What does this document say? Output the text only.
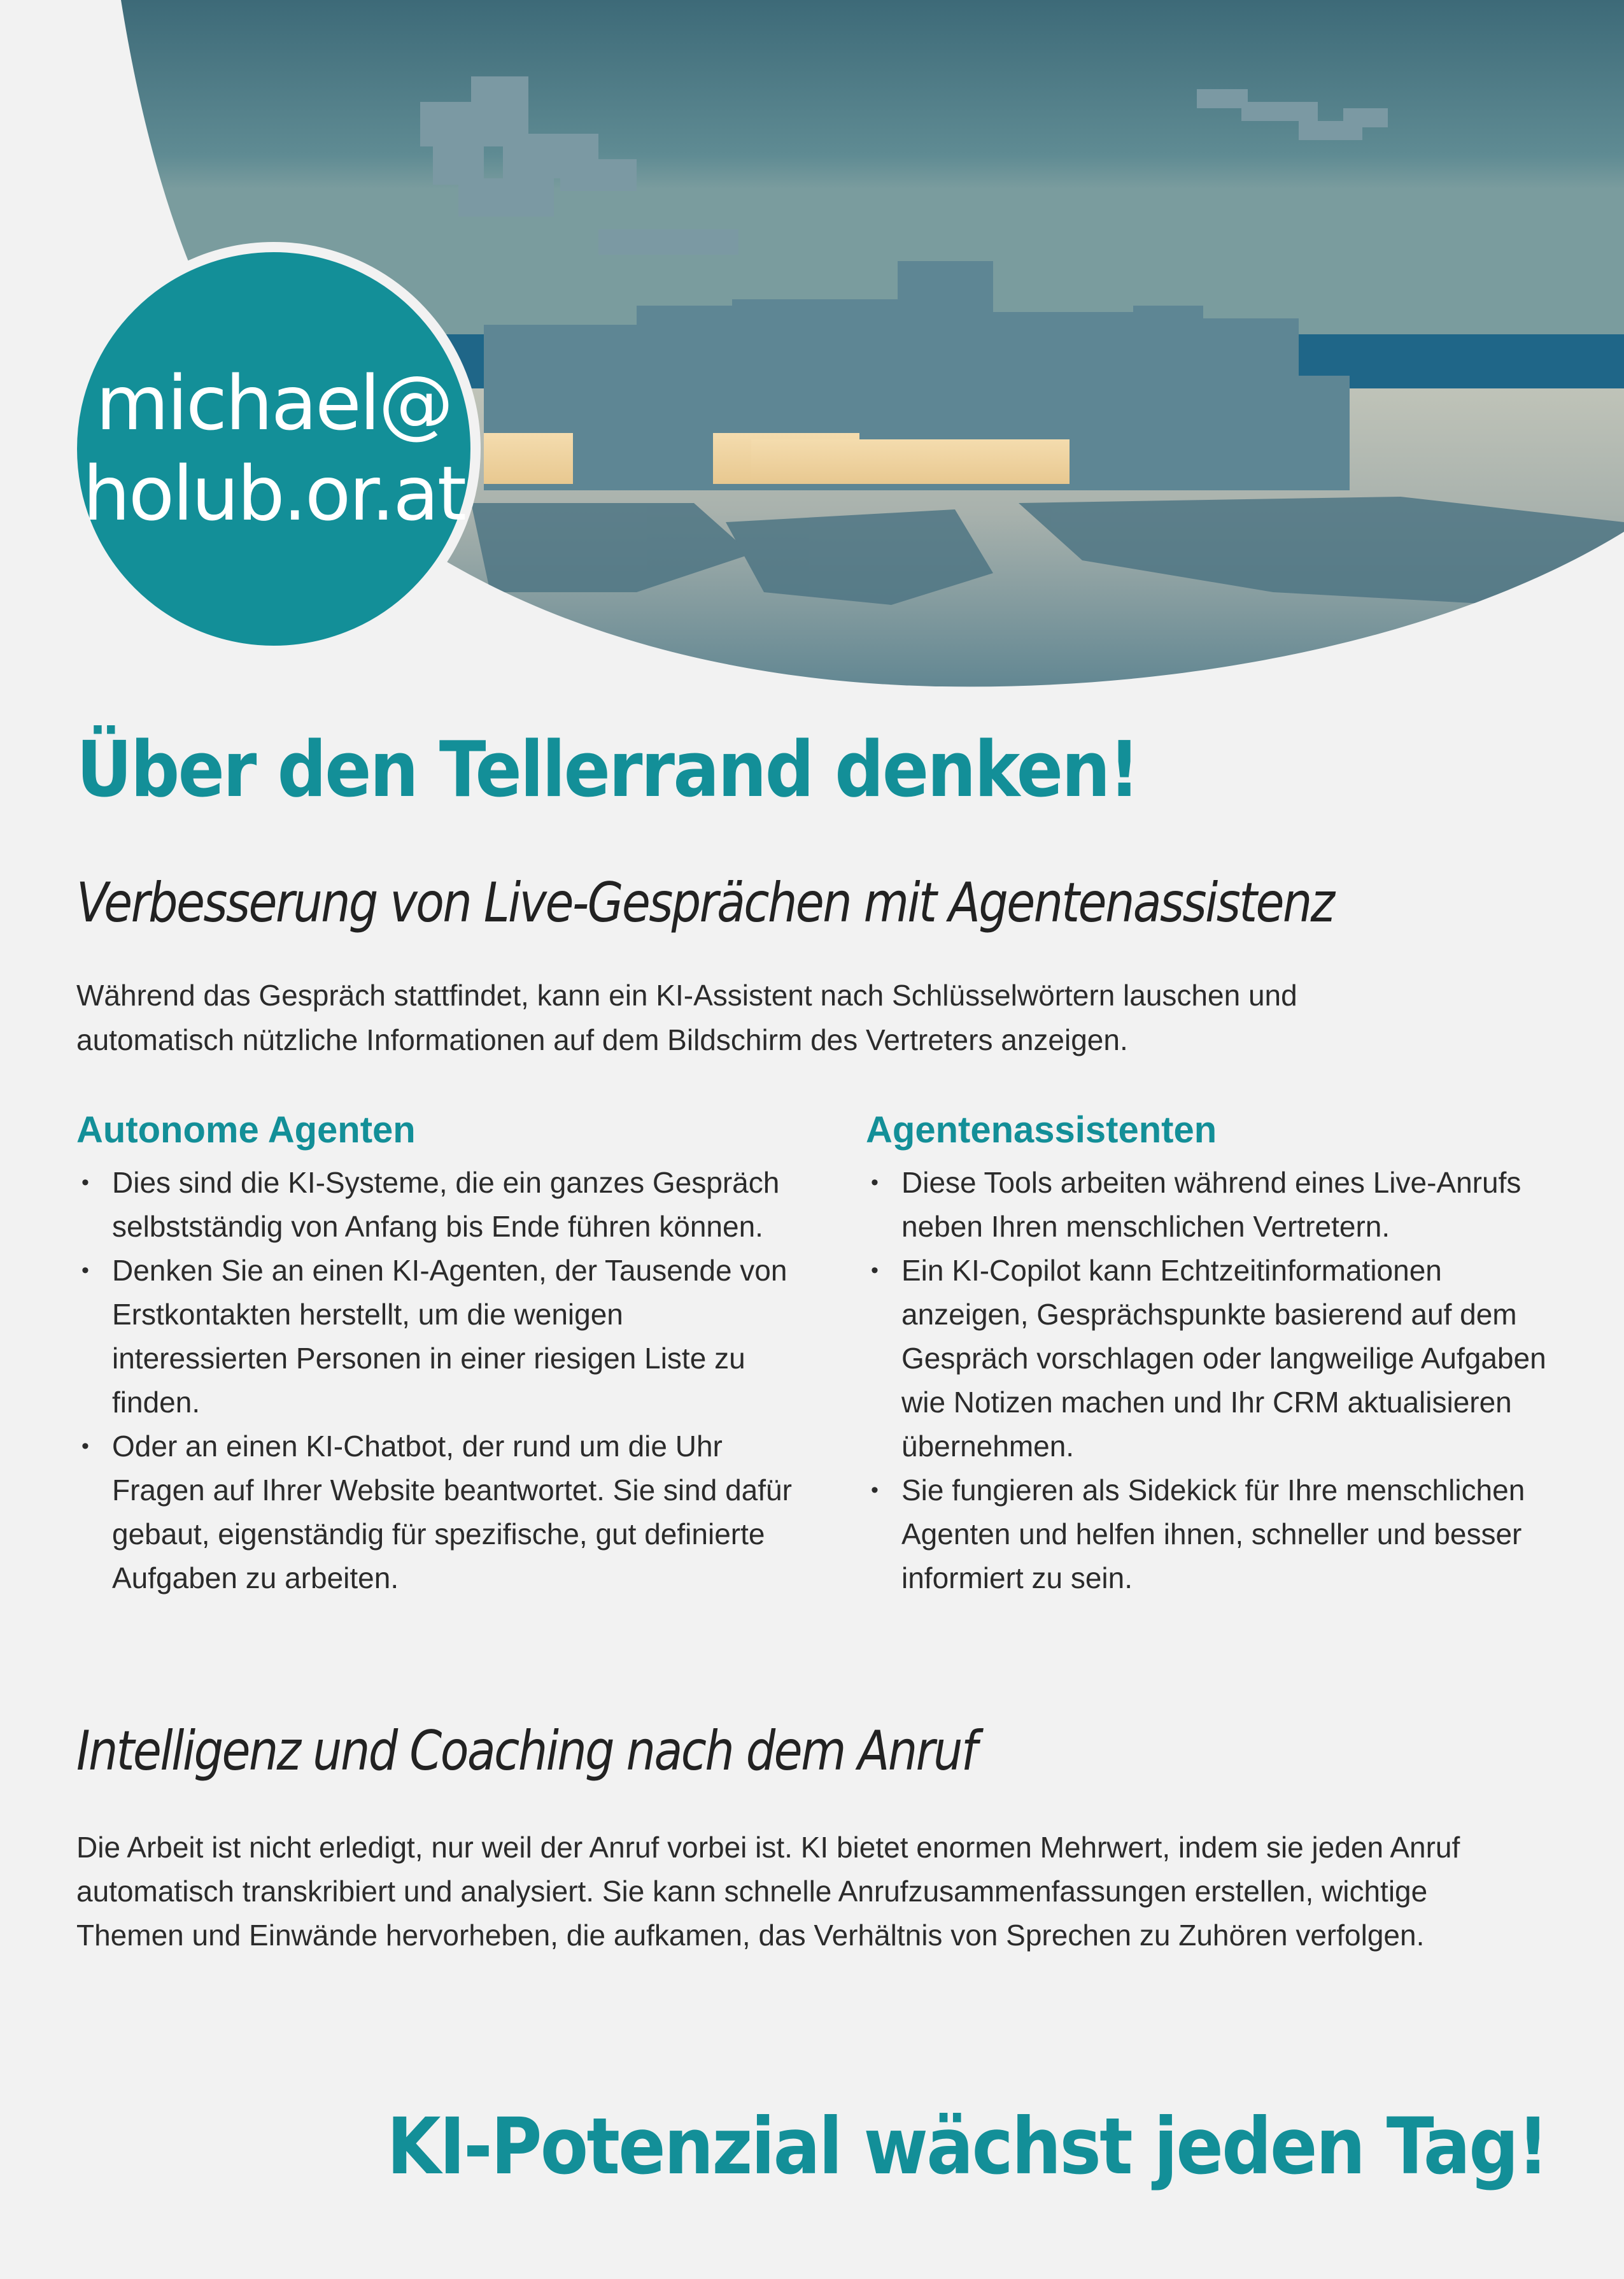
michael@
holub.or.at
Über den Tellerrand denken!
Verbesserung von Live-Gesprächen mit Agentenassistenz

Während das Gespräch stattfindet, kann ein KI-Assistent nach Schlüsselwörtern lauschen und automatisch nützliche Informationen auf dem Bildschirm des Vertreters anzeigen.

Autonome Agenten
• Dies sind die KI-Systeme, die ein ganzes Gespräch selbstständig von Anfang bis Ende führen können.
• Denken Sie an einen KI-Agenten, der Tausende von Erstkontakten herstellt, um die wenigen interessierten Personen in einer riesigen Liste zu finden.
• Oder an einen KI-Chatbot, der rund um die Uhr Fragen auf Ihrer Website beantwortet. Sie sind dafür gebaut, eigenständig für spezifische, gut definierte Aufgaben zu arbeiten.
Agentenassistenten
• Diese Tools arbeiten während eines Live-Anrufs neben Ihren menschlichen Vertretern.
• Ein KI-Copilot kann Echtzeitinformationen anzeigen, Gesprächspunkte basierend auf dem Gespräch vorschlagen oder langweilige Aufgaben wie Notizen machen und Ihr CRM aktualisieren übernehmen.
• Sie fungieren als Sidekick für Ihre menschlichen Agenten und helfen ihnen, schneller und besser informiert zu sein.
Intelligenz und Coaching nach dem Anruf

Die Arbeit ist nicht erledigt, nur weil der Anruf vorbei ist. KI bietet enormen Mehrwert, indem sie jeden Anruf automatisch transkribiert und analysiert. Sie kann schnelle Anrufzusammenfassungen erstellen, wichtige Themen und Einwände hervorheben, die aufkamen, das Verhältnis von Sprechen zu Zuhören verfolgen.

KI-Potenzial wächst jeden Tag!
